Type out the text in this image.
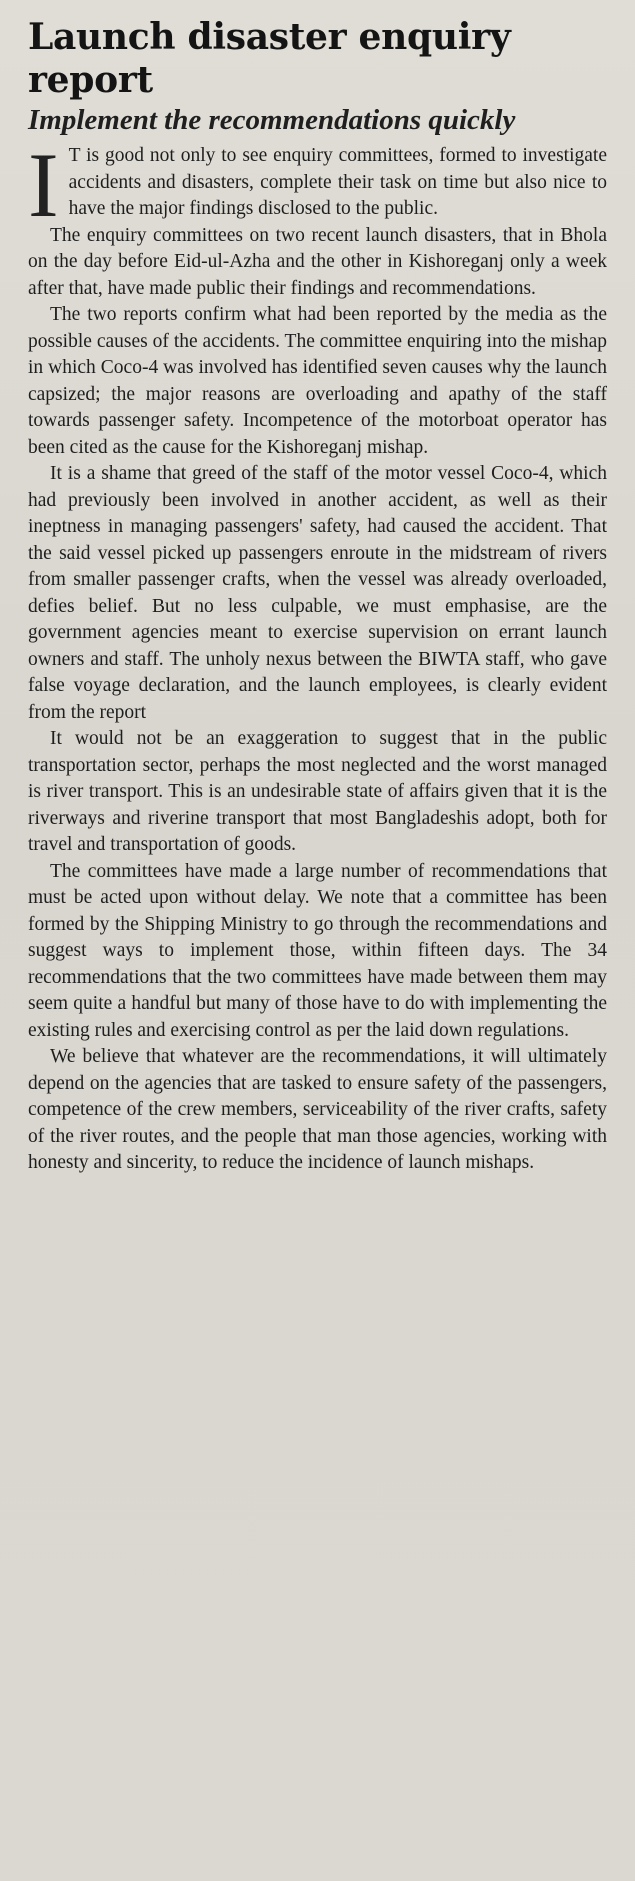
Launch disaster enquiry report
Implement the recommendations quickly

I T is good not only to see enquiry committees, formed to investigate accidents and disasters, complete their task on time but also nice to have the major findings disclosed to the public.

The enquiry committees on two recent launch disasters, that in Bhola on the day before Eid-ul-Azha and the other in Kishoreganj only a week after that, have made public their findings and recommendations.

The two reports confirm what had been reported by the media as the possible causes of the accidents. The committee enquiring into the mishap in which Coco-4 was involved has identified seven causes why the launch capsized; the major reasons are overloading and apathy of the staff towards passenger safety. Incompetence of the motorboat operator has been cited as the cause for the Kishoreganj mishap.

It is a shame that greed of the staff of the motor vessel Coco-4, which had previously been involved in another accident, as well as their ineptness in managing passengers' safety, had caused the accident. That the said vessel picked up passengers enroute in the midstream of rivers from smaller passenger crafts, when the vessel was already overloaded, defies belief. But no less culpable, we must emphasise, are the government agencies meant to exercise supervision on errant launch owners and staff. The unholy nexus between the BIWTA staff, who gave false voyage declaration, and the launch employees, is clearly evident from the report

It would not be an exaggeration to suggest that in the public transportation sector, perhaps the most neglected and the worst managed is river transport. This is an undesirable state of affairs given that it is the riverways and riverine transport that most Bangladeshis adopt, both for travel and transportation of goods.

The committees have made a large number of recommendations that must be acted upon without delay. We note that a committee has been formed by the Shipping Ministry to go through the recommendations and suggest ways to implement those, within fifteen days. The 34 recommendations that the two committees have made between them may seem quite a handful but many of those have to do with implementing the existing rules and exercising control as per the laid down regulations.

We believe that whatever are the recommendations, it will ultimately depend on the agencies that are tasked to ensure safety of the passengers, competence of the crew members, serviceability of the river crafts, safety of the river routes, and the people that man those agencies, working with honesty and sincerity, to reduce the incidence of launch mishaps.
